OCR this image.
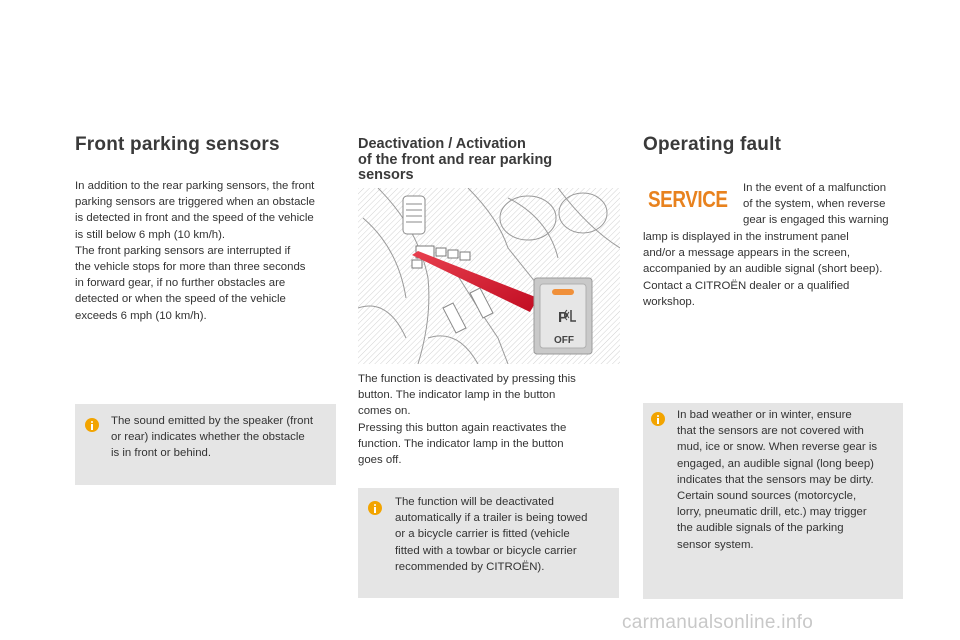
Front parking sensors
In addition to the rear parking sensors, the front
parking sensors are triggered when an obstacle
is detected in front and the speed of the vehicle
is still below 6 mph (10 km/h).
The front parking sensors are interrupted if
the vehicle stops for more than three seconds
in forward gear, if no further obstacles are
detected or when the speed of the vehicle
exceeds 6 mph (10 km/h).
The sound emitted by the speaker (front
or rear) indicates whether the obstacle
is in front or behind.
Deactivation / Activation
of the front and rear parking
sensors
P
OFF
The function is deactivated by pressing this
button. The indicator lamp in the button
comes on.
Pressing this button again reactivates the
function. The indicator lamp in the button
goes off.
The function will be deactivated
automatically if a trailer is being towed
or a bicycle carrier is fitted (vehicle
fitted with a towbar or bicycle carrier
recommended by CITROËN).
Operating fault
SERVICE	In the event of a malfunction
of the system, when reverse
gear is engaged this warning
lamp is displayed in the instrument panel
and/or a message appears in the screen,
accompanied by an audible signal (short beep).
Contact a CITROËN dealer or a qualified
workshop.
In bad weather or in winter, ensure
that the sensors are not covered with
mud, ice or snow. When reverse gear is
engaged, an audible signal (long beep)
indicates that the sensors may be dirty.
Certain sound sources (motorcycle,
lorry, pneumatic drill, etc.) may trigger
the audible signals of the parking
sensor system.
carmanualsonline.info
